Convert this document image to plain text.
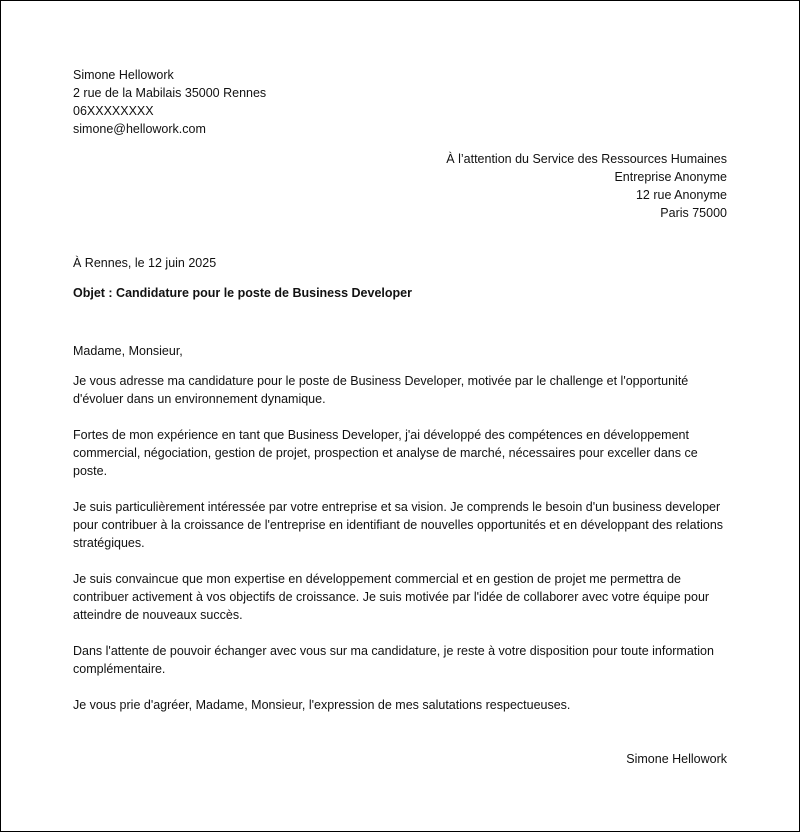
Simone Hellowork
2 rue de la Mabilais 35000 Rennes
06XXXXXXXX
simone@hellowork.com
À l’attention du Service des Ressources Humaines
Entreprise Anonyme
12 rue Anonyme
Paris 75000
À Rennes, le 12 juin 2025
Objet : Candidature pour le poste de Business Developer

Madame, Monsieur,

Je vous adresse ma candidature pour le poste de Business Developer, motivée par le challenge et l'opportunité d'évoluer dans un environnement dynamique.

Fortes de mon expérience en tant que Business Developer, j'ai développé des compétences en développement commercial, négociation, gestion de projet, prospection et analyse de marché, nécessaires pour exceller dans ce poste.

Je suis particulièrement intéressée par votre entreprise et sa vision. Je comprends le besoin d'un business developer pour contribuer à la croissance de l'entreprise en identifiant de nouvelles opportunités et en développant des relations stratégiques.

Je suis convaincue que mon expertise en développement commercial et en gestion de projet me permettra de contribuer activement à vos objectifs de croissance. Je suis motivée par l'idée de collaborer avec votre équipe pour atteindre de nouveaux succès.

Dans l'attente de pouvoir échanger avec vous sur ma candidature, je reste à votre disposition pour toute information complémentaire.

Je vous prie d'agréer, Madame, Monsieur, l'expression de mes salutations respectueuses.

Simone Hellowork
